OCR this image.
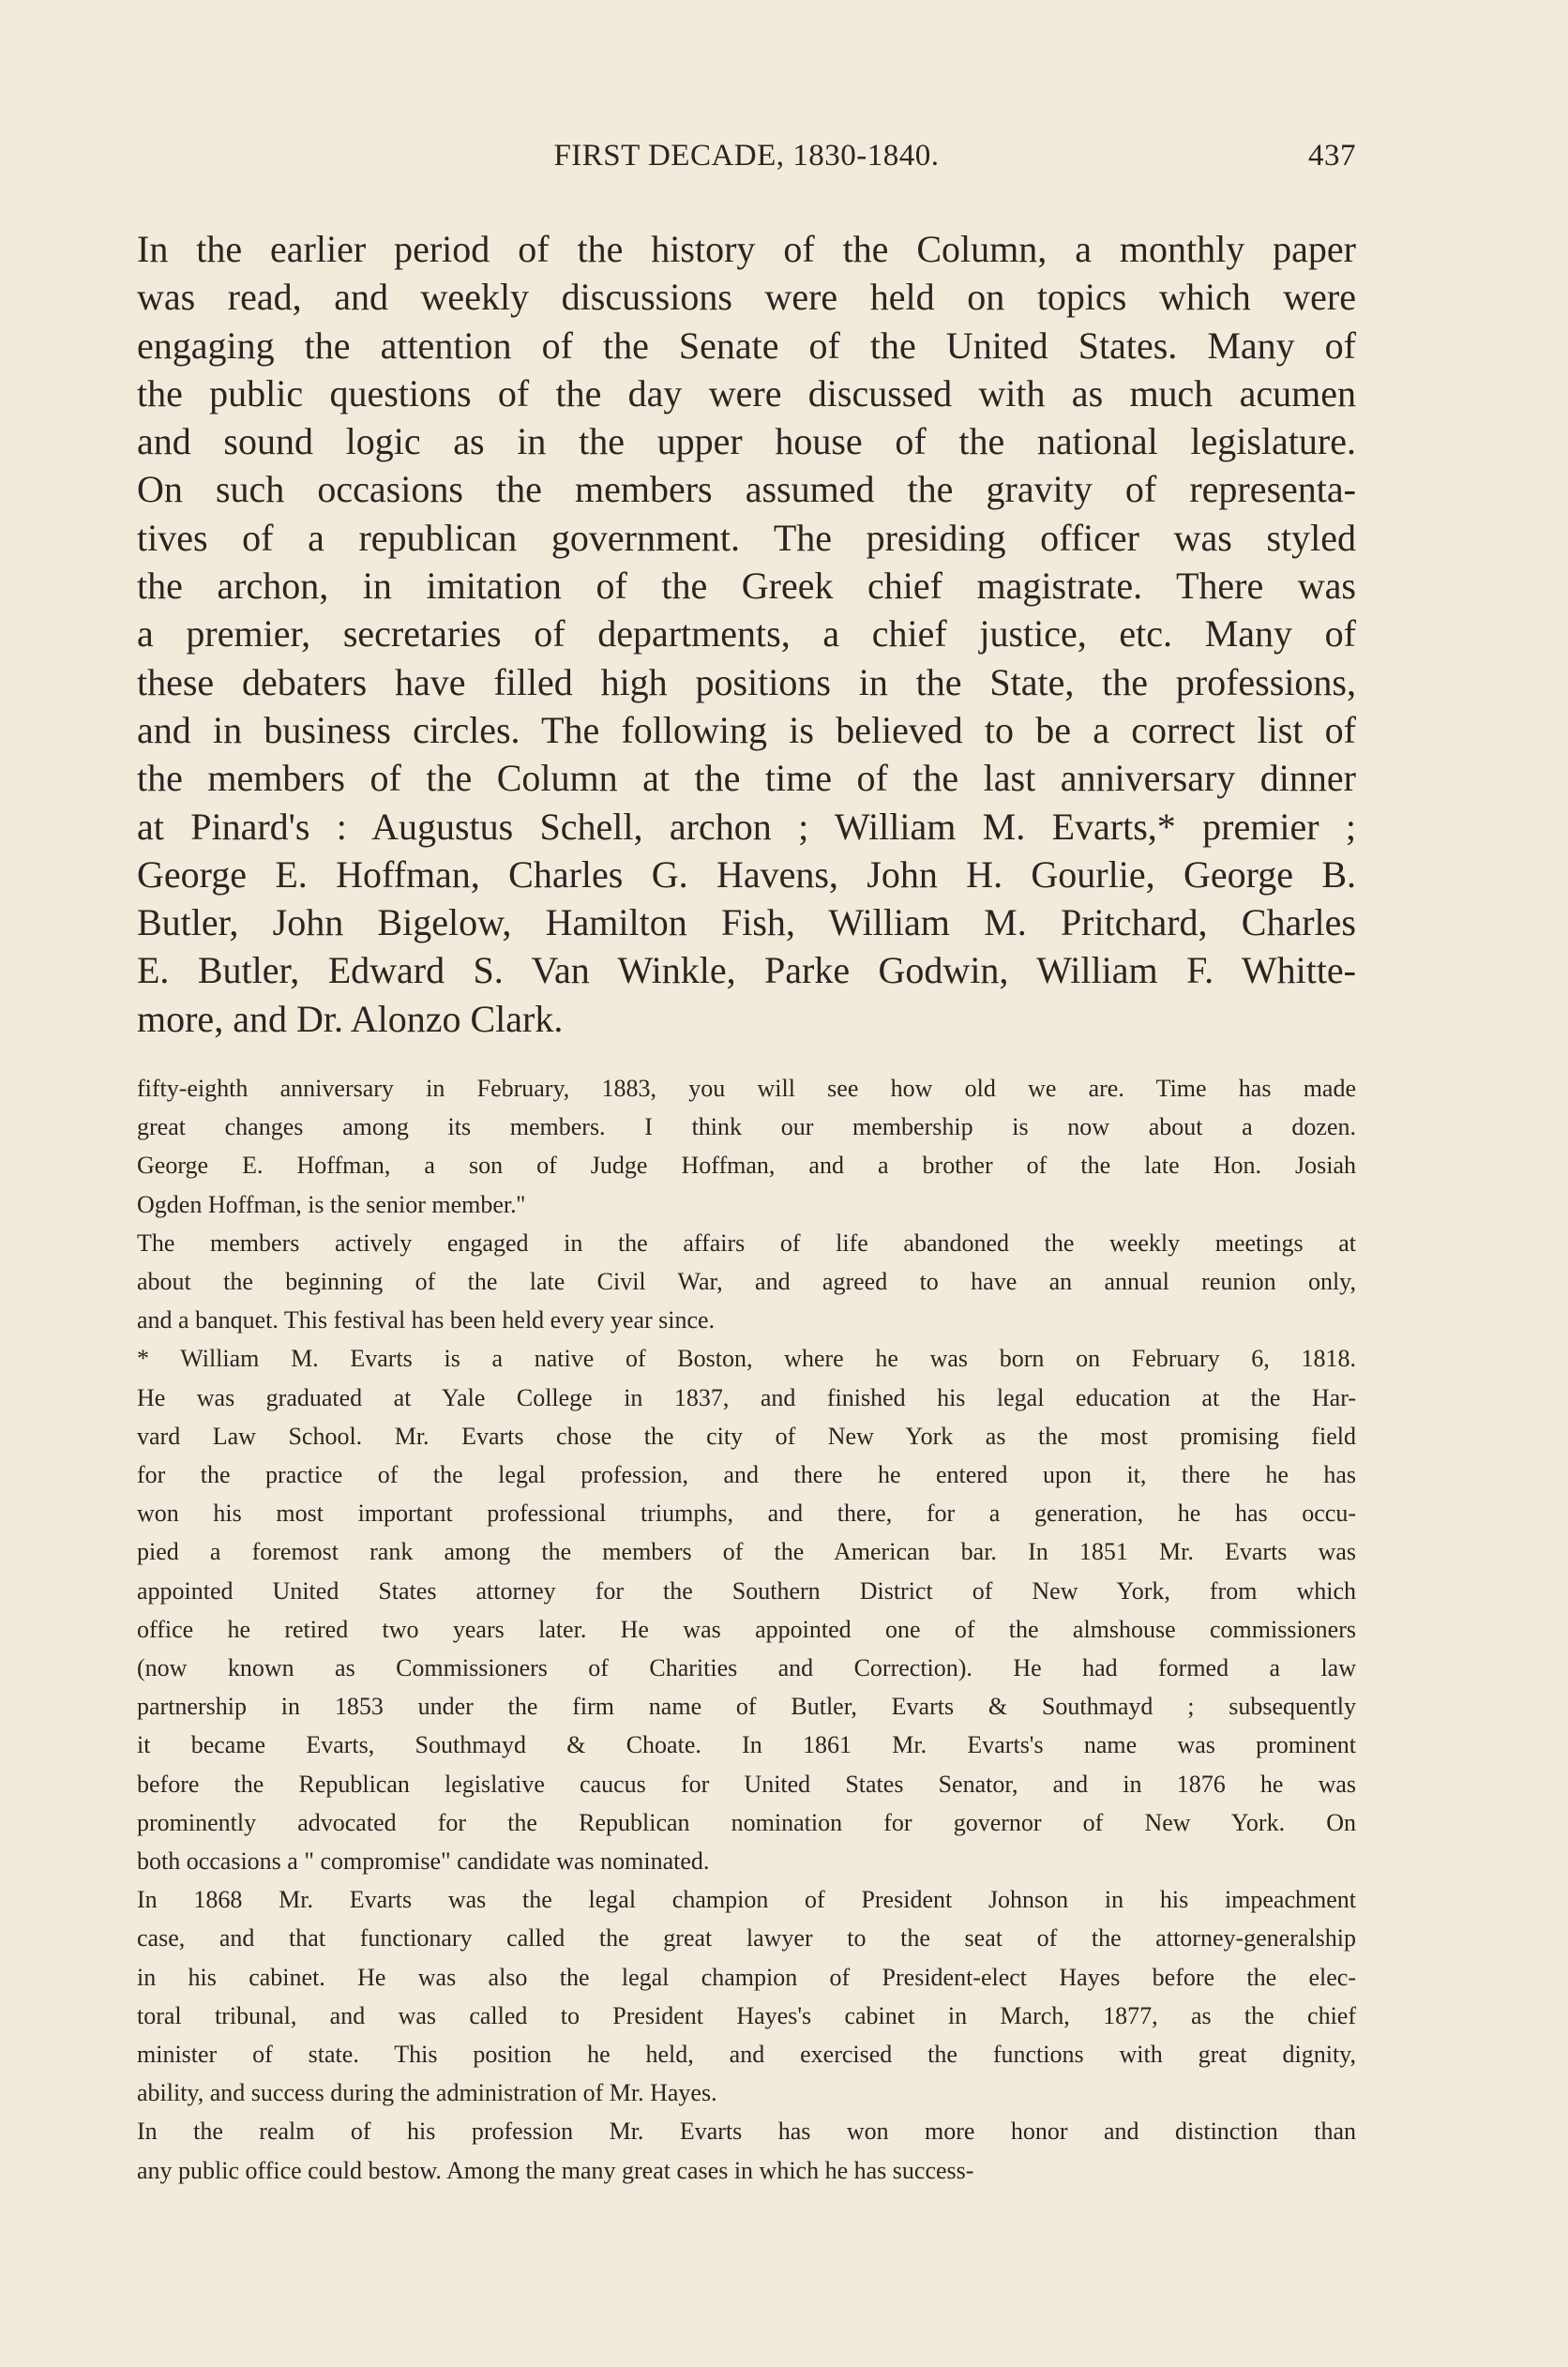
FIRST DECADE, 1830-1840.	437
In the earlier period of the history of the Column, a monthly paper
was read, and weekly discussions were held on topics which were
engaging the attention of the Senate of the United States. Many of
the public questions of the day were discussed with as much acumen
and sound logic as in the upper house of the national legislature.
On such occasions the members assumed the gravity of representa-
tives of a republican government. The presiding officer was styled
the archon, in imitation of the Greek chief magistrate. There was
a premier, secretaries of departments, a chief justice, etc. Many of
these debaters have filled high positions in the State, the professions,
and in business circles. The following is believed to be a correct list of
the members of the Column at the time of the last anniversary dinner
at Pinard's : Augustus Schell, archon ; William M. Evarts,* premier ;
George E. Hoffman, Charles G. Havens, John H. Gourlie, George B.
Butler, John Bigelow, Hamilton Fish, William M. Pritchard, Charles
E. Butler, Edward S. Van Winkle, Parke Godwin, William F. Whitte-
more, and Dr. Alonzo Clark.
fifty-eighth anniversary in February, 1883, you will see how old we are. Time has made
great changes among its members. I think our membership is now about a dozen.
George E. Hoffman, a son of Judge Hoffman, and a brother of the late Hon. Josiah
Ogden Hoffman, is the senior member.''
The members actively engaged in the affairs of life abandoned the weekly meetings at
about the beginning of the late Civil War, and agreed to have an annual reunion only,
and a banquet. This festival has been held every year since.
* William M. Evarts is a native of Boston, where he was born on February 6, 1818.
He was graduated at Yale College in 1837, and finished his legal education at the Har-
vard Law School. Mr. Evarts chose the city of New York as the most promising field
for the practice of the legal profession, and there he entered upon it, there he has
won his most important professional triumphs, and there, for a generation, he has occu-
pied a foremost rank among the members of the American bar. In 1851 Mr. Evarts was
appointed United States attorney for the Southern District of New York, from which
office he retired two years later. He was appointed one of the almshouse commissioners
(now known as Commissioners of Charities and Correction). He had formed a law
partnership in 1853 under the firm name of Butler, Evarts & Southmayd ; subsequently
it became Evarts, Southmayd & Choate. In 1861 Mr. Evarts's name was prominent
before the Republican legislative caucus for United States Senator, and in 1876 he was
prominently advocated for the Republican nomination for governor of New York. On
both occasions a " compromise" candidate was nominated.
In 1868 Mr. Evarts was the legal champion of President Johnson in his impeachment
case, and that functionary called the great lawyer to the seat of the attorney-generalship
in his cabinet. He was also the legal champion of President-elect Hayes before the elec-
toral tribunal, and was called to President Hayes's cabinet in March, 1877, as the chief
minister of state. This position he held, and exercised the functions with great dignity,
ability, and success during the administration of Mr. Hayes.
In the realm of his profession Mr. Evarts has won more honor and distinction than
any public office could bestow. Among the many great cases in which he has success-
